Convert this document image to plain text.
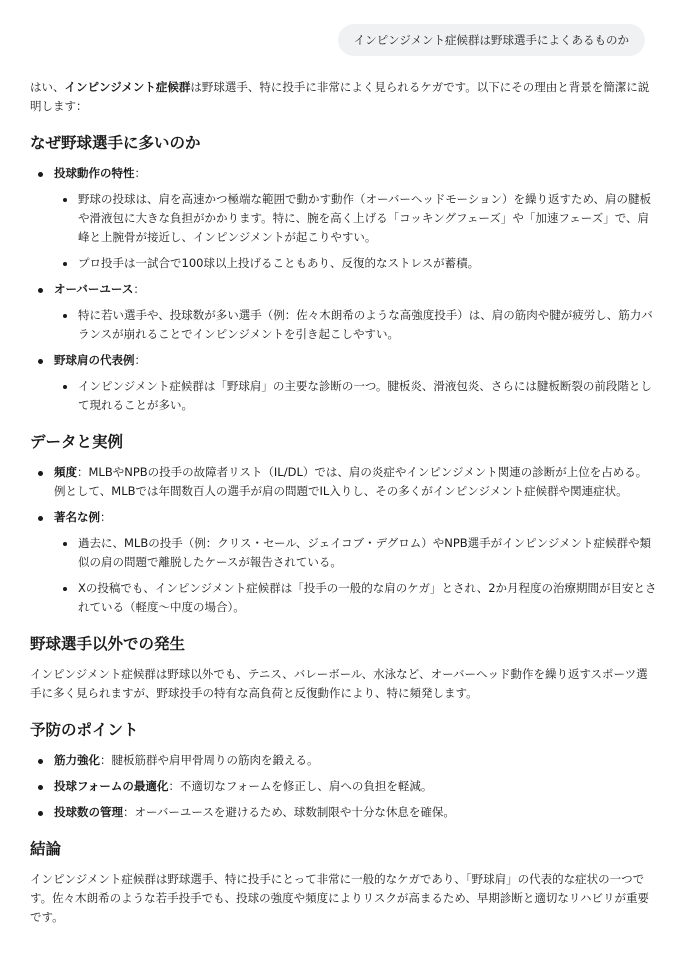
インピンジメント症候群は野球選手によくあるものか

はい、インピンジメント症候群は野球選手、特に投手に非常によく見られるケガです。以下にその理由と背景を簡潔に説明します：

なぜ野球選手に多いのか
投球動作の特性：
野球の投球は、肩を高速かつ極端な範囲で動かす動作（オーバーヘッドモーション）を繰り返すため、肩の腱板や滑液包に大きな負担がかかります。特に、腕を高く上げる「コッキングフェーズ」や「加速フェーズ」で、肩峰と上腕骨が接近し、インピンジメントが起こりやすい。
プロ投手は一試合で100球以上投げることもあり、反復的なストレスが蓄積。
オーバーユース：
特に若い選手や、投球数が多い選手（例：佐々木朗希のような高強度投手）は、肩の筋肉や腱が疲労し、筋力バランスが崩れることでインピンジメントを引き起こしやすい。
野球肩の代表例：
インピンジメント症候群は「野球肩」の主要な診断の一つ。腱板炎、滑液包炎、さらには腱板断裂の前段階として現れることが多い。
データと実例
頻度：MLBやNPBの投手の故障者リスト（IL/DL）では、肩の炎症やインピンジメント関連の診断が上位を占める。例として、MLBでは年間数百人の選手が肩の問題でIL入りし、その多くがインピンジメント症候群や関連症状。
著名な例：
過去に、MLBの投手（例：クリス・セール、ジェイコブ・デグロム）やNPB選手がインピンジメント症候群や類似の肩の問題で離脱したケースが報告されている。
Xの投稿でも、インピンジメント症候群は「投手の一般的な肩のケガ」とされ、2か月程度の治療期間が目安とされている（軽度〜中度の場合）。
野球選手以外での発生

インピンジメント症候群は野球以外でも、テニス、バレーボール、水泳など、オーバーヘッド動作を繰り返すスポーツ選手に多く見られますが、野球投手の特有な高負荷と反復動作により、特に頻発します。

予防のポイント
筋力強化：腱板筋群や肩甲骨周りの筋肉を鍛える。
投球フォームの最適化：不適切なフォームを修正し、肩への負担を軽減。
投球数の管理：オーバーユースを避けるため、球数制限や十分な休息を確保。
結論

インピンジメント症候群は野球選手、特に投手にとって非常に一般的なケガであり、「野球肩」の代表的な症状の一つです。佐々木朗希のような若手投手でも、投球の強度や頻度によりリスクが高まるため、早期診断と適切なリハビリが重要です。
